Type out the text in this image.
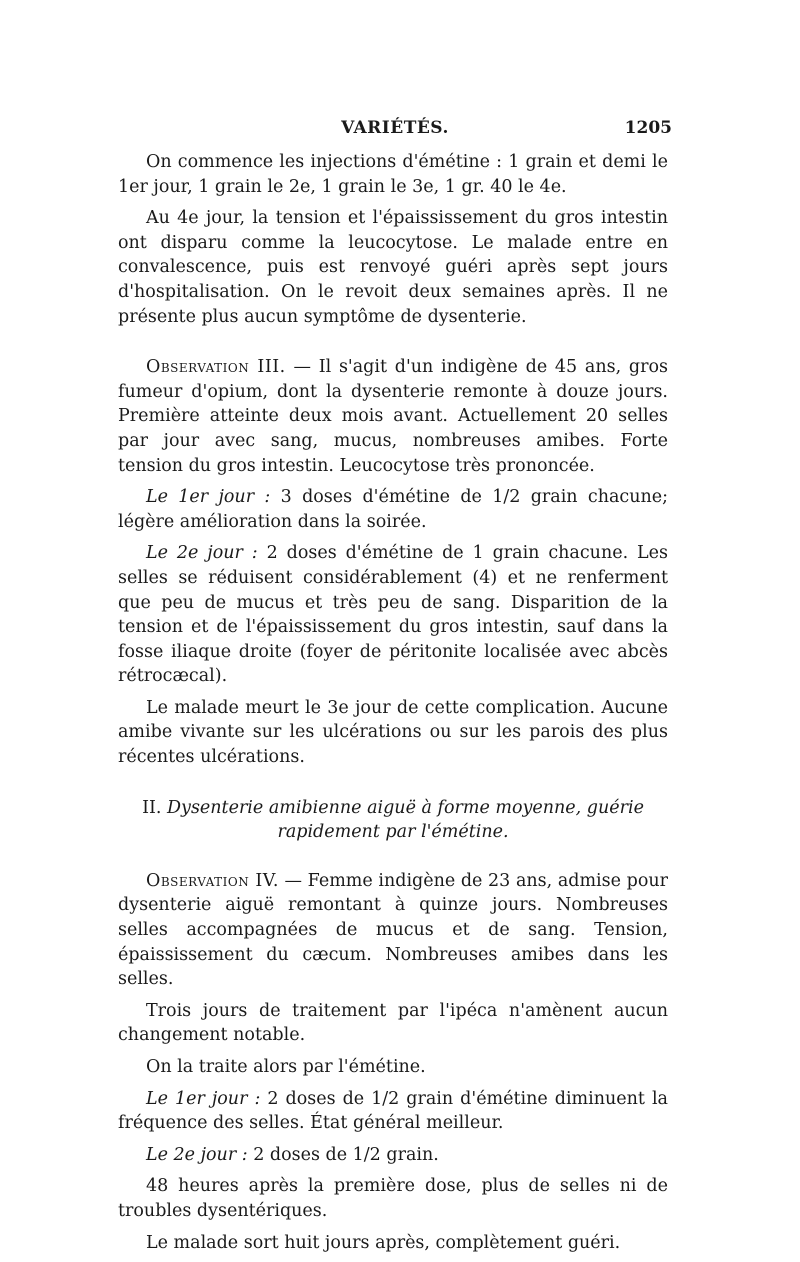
VARIÉTÉS.	1205

On commence les injections d'émétine : 1 grain et demi le 1er jour, 1 grain le 2e, 1 grain le 3e, 1 gr. 40 le 4e.

Au 4e jour, la tension et l'épaississement du gros intestin ont disparu comme la leucocytose. Le malade entre en convalescence, puis est renvoyé guéri après sept jours d'hospitalisation. On le revoit deux semaines après. Il ne présente plus aucun symptôme de dysenterie.

Observation III. — Il s'agit d'un indigène de 45 ans, gros fumeur d'opium, dont la dysenterie remonte à douze jours. Première atteinte deux mois avant. Actuellement 20 selles par jour avec sang, mucus, nombreuses amibes. Forte tension du gros intestin. Leucocytose très prononcée.

Le 1er jour : 3 doses d'émétine de 1/2 grain chacune; légère amélioration dans la soirée.

Le 2e jour : 2 doses d'émétine de 1 grain chacune. Les selles se réduisent considérablement (4) et ne renferment que peu de mucus et très peu de sang. Disparition de la tension et de l'épaississement du gros intestin, sauf dans la fosse iliaque droite (foyer de péritonite localisée avec abcès rétrocæcal).

Le malade meurt le 3e jour de cette complication. Aucune amibe vivante sur les ulcérations ou sur les parois des plus récentes ulcérations.

II. Dysenterie amibienne aiguë à forme moyenne, guérie rapidement par l'émétine.

Observation IV. — Femme indigène de 23 ans, admise pour dysenterie aiguë remontant à quinze jours. Nombreuses selles accompagnées de mucus et de sang. Tension, épaississement du cæcum. Nombreuses amibes dans les selles.

Trois jours de traitement par l'ipéca n'amènent aucun changement notable.

On la traite alors par l'émétine.

Le 1er jour : 2 doses de 1/2 grain d'émétine diminuent la fréquence des selles. État général meilleur.

Le 2e jour : 2 doses de 1/2 grain.

48 heures après la première dose, plus de selles ni de troubles dysentériques.

Le malade sort huit jours après, complètement guéri.
